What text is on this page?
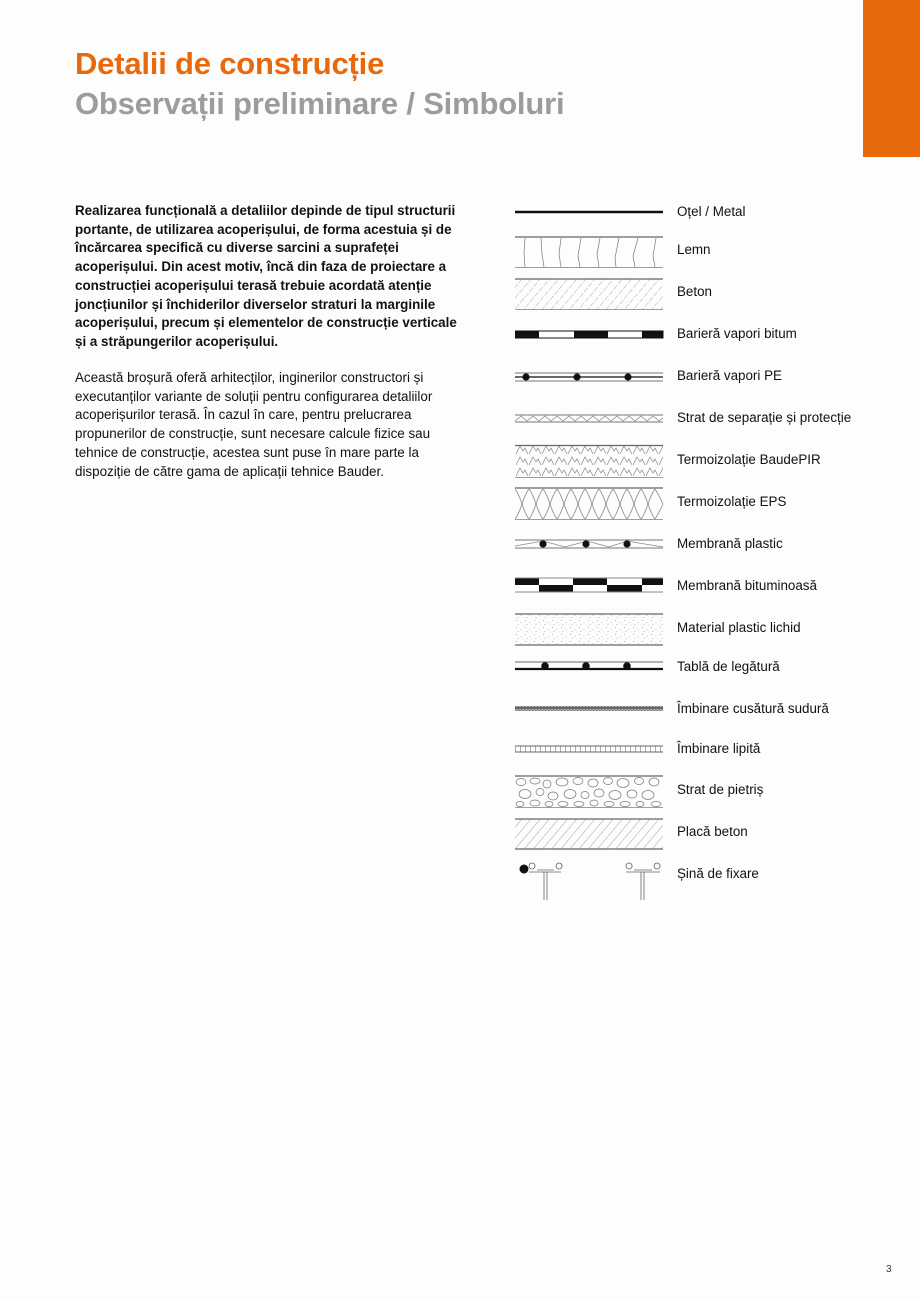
Detalii de construcție
Observații preliminare / Simboluri

Realizarea funcțională a detaliilor depinde de tipul structurii portante, de utilizarea acoperișului, de forma acestuia și de încărcarea specifică cu diverse sarcini a suprafeței acoperișului. Din acest motiv, încă din faza de proiectare a construcției acoperișului terasă trebuie acordată atenție joncțiunilor și închiderilor diverselor straturi la marginile acoperișului, precum și elementelor de construcție verticale și a străpungerilor acoperișului.

Această broșură oferă arhitecților, inginerilor constructori și executanților variante de soluții pentru configurarea detaliilor acoperișurilor terasă. În cazul în care, pentru prelucrarea propunerilor de construcție, sunt necesare calcule fizice sau tehnice de construcție, acestea sunt puse în mare parte la dispoziție de către gama de aplicații tehnice Bauder.

Oțel / Metal
Lemn
Beton
Barieră vapori bitum
Barieră vapori PE
Strat de separație și protecție
Termoizolație BaudePIR
Termoizolație EPS
Membrană plastic
Membrană bituminoasă
Material plastic lichid
Tablă de legătură
Îmbinare cusătură sudură
Îmbinare lipită
Strat de pietriș
Placă beton
Șină de fixare
3
